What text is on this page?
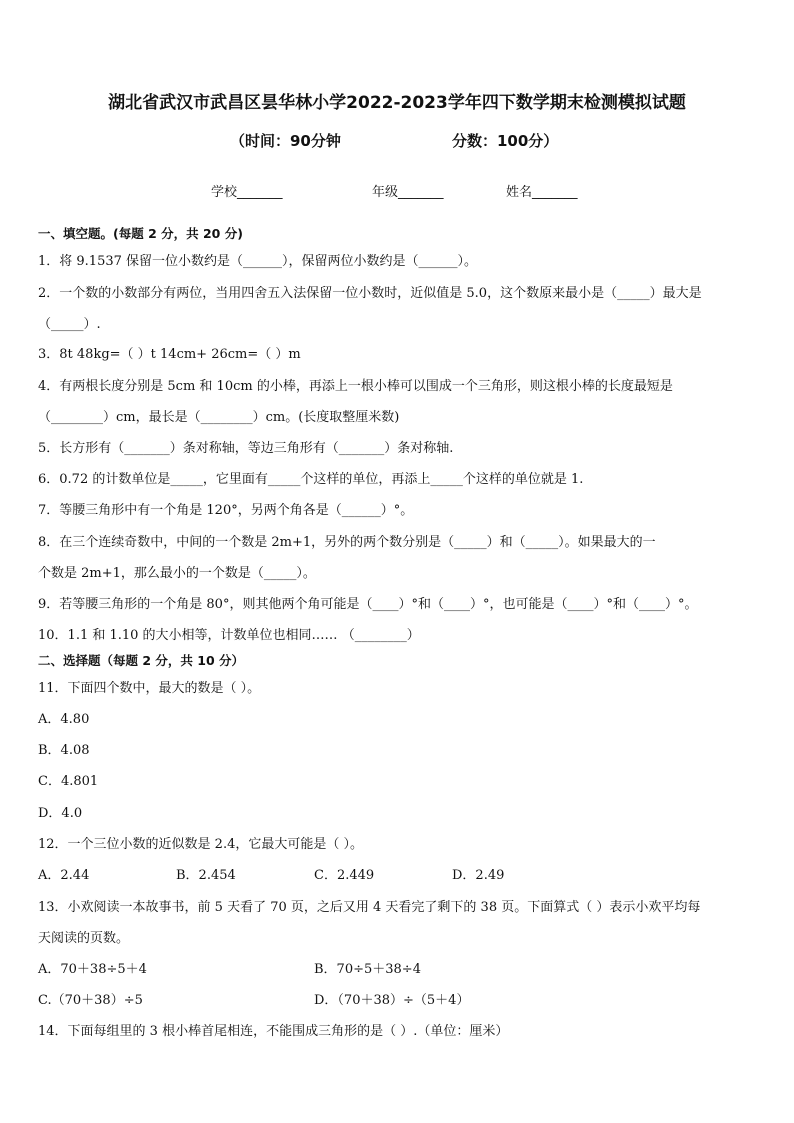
湖北省武汉市武昌区昙华林小学2022-2023学年四下数学期末检测模拟试题
（时间：90分钟	分数：100分）
学校_______	年级_______	姓名_______
一、填空题。(每题 2 分，共 20 分)
1．将 9.1537 保留一位小数约是（______），保留两位小数约是（______）。
2．一个数的小数部分有两位，当用四舍五入法保留一位小数时，近似值是 5.0，这个数原来最小是（_____）最大是
（_____）.
3．8t 48kg=（ ）t 14cm+ 26cm=（ ）m
4．有两根长度分别是 5cm 和 10cm 的小棒，再添上一根小棒可以围成一个三角形，则这根小棒的长度最短是
（________）cm，最长是（________）cm。(长度取整厘米数)
5．长方形有（_______）条对称轴，等边三角形有（_______）条对称轴.
6．0.72 的计数单位是_____，它里面有_____个这样的单位，再添上_____个这样的单位就是 1.
7．等腰三角形中有一个角是 120°，另两个角各是（______）°。
8．在三个连续奇数中，中间的一个数是 2m+1，另外的两个数分别是（_____）和（_____）。如果最大的一
个数是 2m+1，那么最小的一个数是（_____）。
9．若等腰三角形的一个角是 80°，则其他两个角可能是（____）°和（____）°，也可能是（____）°和（____）°。
10．1.1 和 1.10 的大小相等，计数单位也相同…… （________）
二、选择题（每题 2 分，共 10 分）
11．下面四个数中，最大的数是（ ）。
A．4.80
B．4.08
C．4.801
D．4.0
12．一个三位小数的近似数是 2.4，它最大可能是（ ）。
A．2.44	B．2.454	C．2.449	D．2.49
13．小欢阅读一本故事书，前 5 天看了 70 页，之后又用 4 天看完了剩下的 38 页。下面算式（ ）表示小欢平均每
天阅读的页数。
A．70＋38÷5＋4	B．70÷5＋38÷4
C.（70＋38）÷5	D．（70＋38）÷（5＋4）
14．下面每组里的 3 根小棒首尾相连，不能围成三角形的是（ ）.（单位：厘米）
